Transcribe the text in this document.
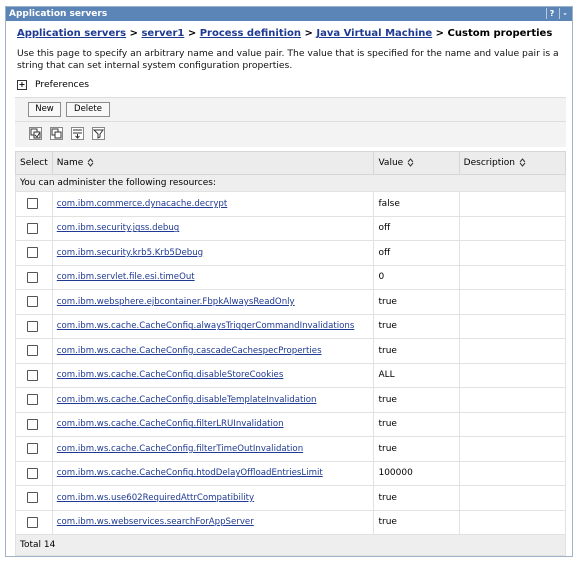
Application servers	?	-
Application servers > server1 > Process definition > Java Virtual Machine > Custom properties
Use this page to specify an arbitrary name and value pair. The value that is specified for the name and value pair is a string that can set internal system configuration properties.
+ Preferences
New	Delete
Select	Name	Value	Description
You can administer the following resources:			

	com.ibm.commerce.dynacache.decrypt	false	

	com.ibm.security.jgss.debug	off	

	com.ibm.security.krb5.Krb5Debug	off	

	com.ibm.servlet.file.esi.timeOut	0	

	com.ibm.websphere.ejbcontainer.FbpkAlwaysReadOnly	true	

	com.ibm.ws.cache.CacheConfig.alwaysTriggerCommandInvalidations	true	

	com.ibm.ws.cache.CacheConfig.cascadeCachespecProperties	true	

	com.ibm.ws.cache.CacheConfig.disableStoreCookies	ALL	

	com.ibm.ws.cache.CacheConfig.disableTemplateInvalidation	true	

	com.ibm.ws.cache.CacheConfig.filterLRUInvalidation	true	

	com.ibm.ws.cache.CacheConfig.filterTimeOutInvalidation	true	

	com.ibm.ws.cache.CacheConfig.htodDelayOffloadEntriesLimit	100000	

	com.ibm.ws.use602RequiredAttrCompatibility	true	

	com.ibm.ws.webservices.searchForAppServer	true	
Total 14			
